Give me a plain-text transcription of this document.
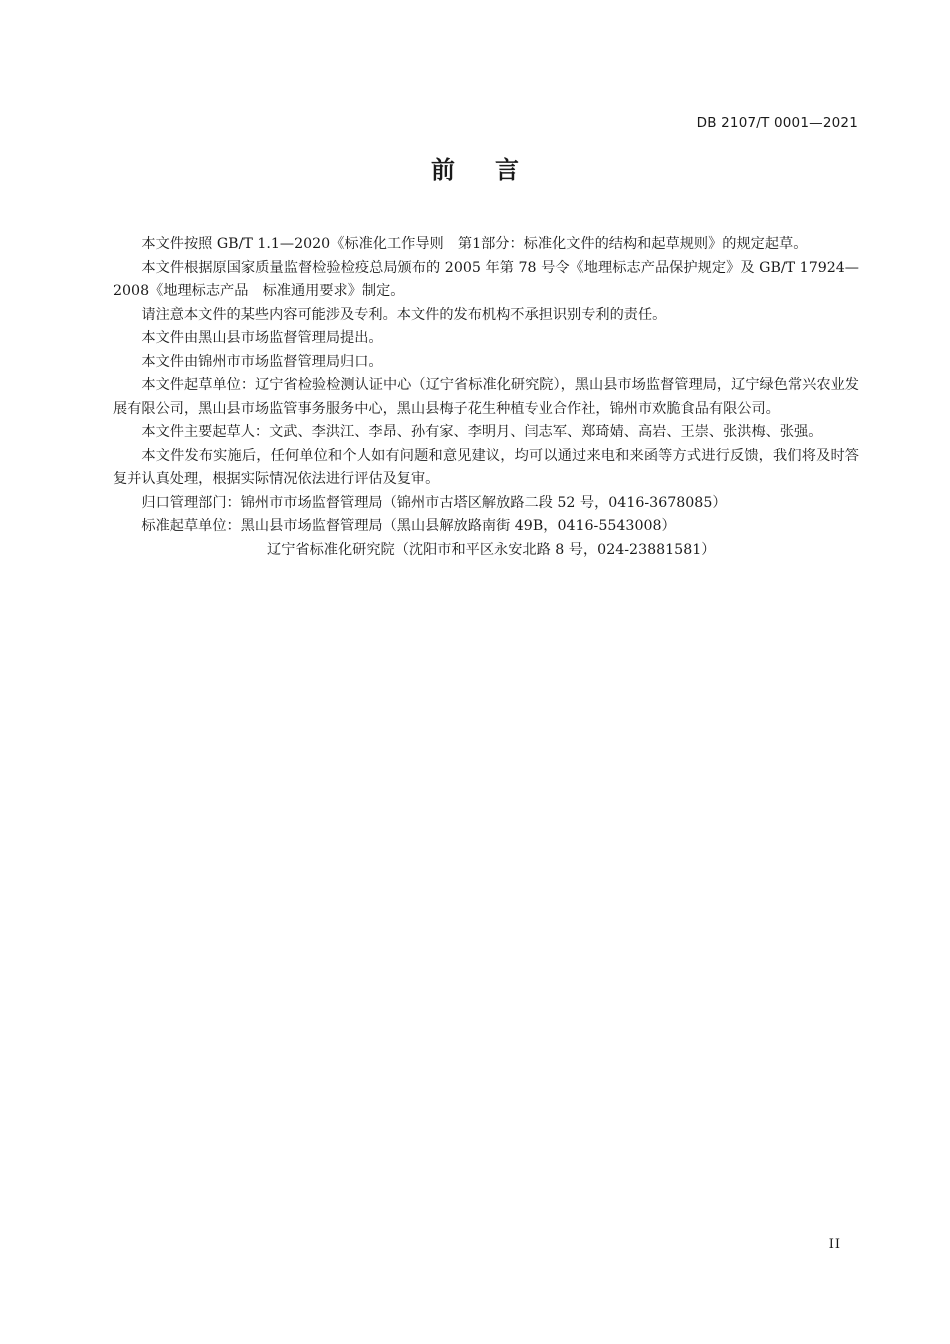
DB 2107/T 0001—2021
前言

本文件按照 GB/T 1.1—2020《标准化工作导则　第1部分：标准化文件的结构和起草规则》的规定起草。

本文件根据原国家质量监督检验检疫总局颁布的 2005 年第 78 号令《地理标志产品保护规定》及 GB/T 17924—2008《地理标志产品　标准通用要求》制定。

请注意本文件的某些内容可能涉及专利。本文件的发布机构不承担识别专利的责任。

本文件由黑山县市场监督管理局提出。

本文件由锦州市市场监督管理局归口。

本文件起草单位：辽宁省检验检测认证中心（辽宁省标准化研究院），黑山县市场监督管理局，辽宁绿色常兴农业发展有限公司，黑山县市场监管事务服务中心，黑山县梅子花生种植专业合作社，锦州市欢脆食品有限公司。

本文件主要起草人：文武、李洪江、李昂、孙有家、李明月、闫志军、郑琦婧、高岩、王崇、张洪梅、张强。

本文件发布实施后，任何单位和个人如有问题和意见建议，均可以通过来电和来函等方式进行反馈，我们将及时答复并认真处理，根据实际情况依法进行评估及复审。

归口管理部门：锦州市市场监督管理局（锦州市古塔区解放路二段 52 号，0416-3678085）

标准起草单位：黑山县市场监督管理局（黑山县解放路南街 49B，0416-5543008）

辽宁省标准化研究院（沈阳市和平区永安北路 8 号，024-23881581）

II
